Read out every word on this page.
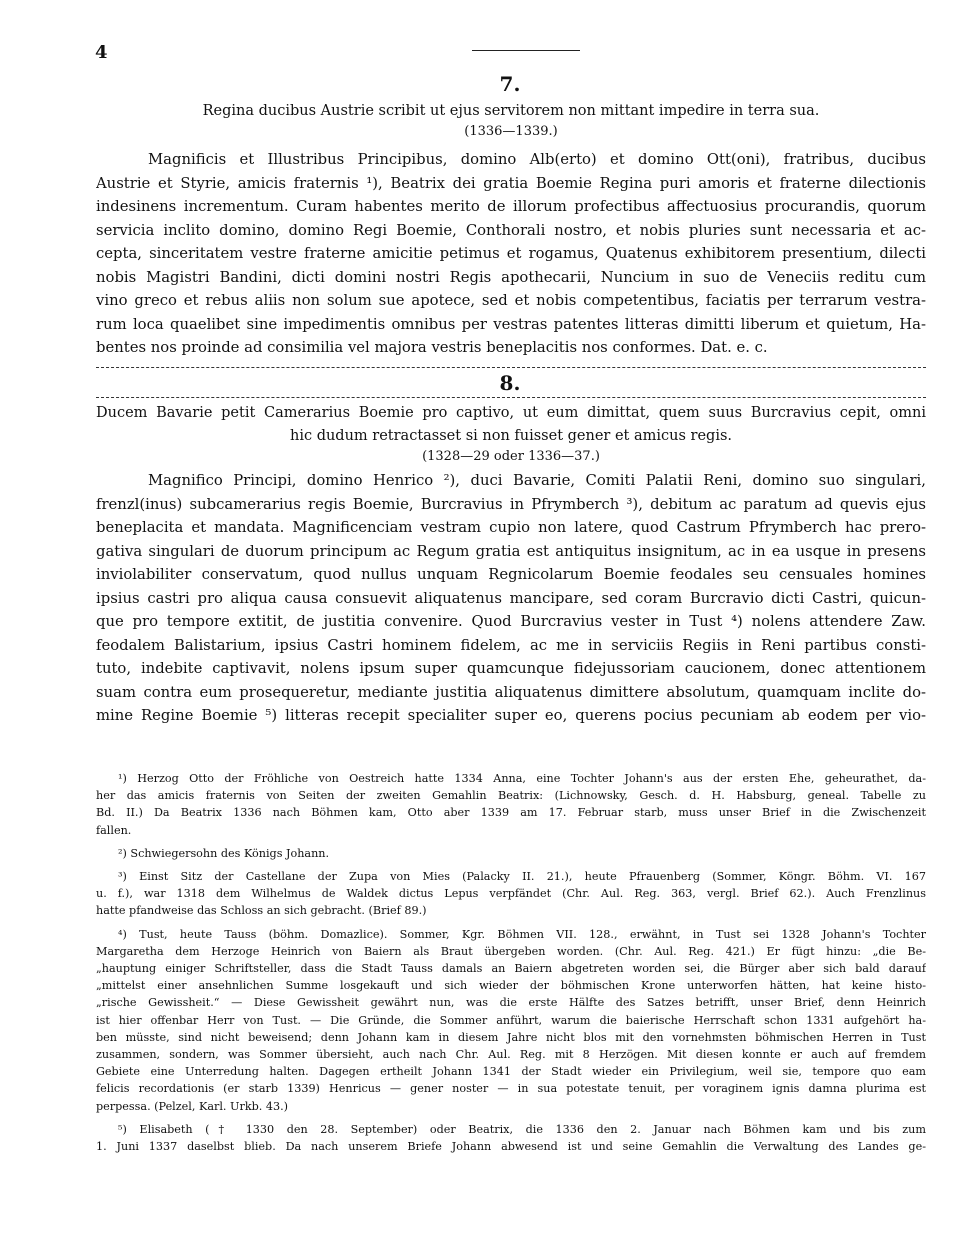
4
7.
Regina ducibus Austrie scribit ut ejus servitorem non mittant impedire in terra sua.
(1336—1339.)
Magnificis et Illustribus Principibus, domino Alb(erto) et domino Ott(oni), fratribus, ducibus
Austrie et Styrie, amicis fraternis ¹), Beatrix dei gratia Boemie Regina puri amoris et fraterne dilectionis
indesinens incrementum. Curam habentes merito de illorum profectibus affectuosius procurandis, quorum
servicia inclito domino, domino Regi Boemie, Conthorali nostro, et nobis pluries sunt necessaria et ac-
cepta, sinceritatem vestre fraterne amicitie petimus et rogamus, Quatenus exhibitorem presentium, dilecti
nobis Magistri Bandini, dicti domini nostri Regis apothecarii, Nuncium in suo de Veneciis reditu cum
vino greco et rebus aliis non solum sue apotece, sed et nobis competentibus, faciatis per terrarum vestra-
rum loca quaelibet sine impedimentis omnibus per vestras patentes litteras dimitti liberum et quietum, Ha-
bentes nos proinde ad consimilia vel majora vestris beneplacitis nos conformes. Dat. e. c.
8.
Ducem Bavarie petit Camerarius Boemie pro captivo, ut eum dimittat, quem suus Burcravius cepit, omni
hic dudum retractasset si non fuisset gener et amicus regis.
(1328—29 oder 1336—37.)
Magnifico Principi, domino Henrico ²), duci Bavarie, Comiti Palatii Reni, domino suo singulari,
frenzl(inus) subcamerarius regis Boemie, Burcravius in Pfrymberch ³), debitum ac paratum ad quevis ejus
beneplacita et mandata. Magnificenciam vestram cupio non latere, quod Castrum Pfrymberch hac prero-
gativa singulari de duorum principum ac Regum gratia est antiquitus insignitum, ac in ea usque in presens
inviolabiliter conservatum, quod nullus unquam Regnicolarum Boemie feodales seu censuales homines
ipsius castri pro aliqua causa consuevit aliquatenus mancipare, sed coram Burcravio dicti Castri, quicun-
que pro tempore extitit, de justitia convenire. Quod Burcravius vester in Tust ⁴) nolens attendere Zaw.
feodalem Balistarium, ipsius Castri hominem fidelem, ac me in serviciis Regiis in Reni partibus consti-
tuto, indebite captivavit, nolens ipsum super quamcunque fidejussoriam caucionem, donec attentionem
suam contra eum prosequeretur, mediante justitia aliquatenus dimittere absolutum, quamquam inclite do-
mine Regine Boemie ⁵) litteras recepit specialiter super eo, querens pocius pecuniam ab eodem per vio-
¹) Herzog Otto der Fröhliche von Oestreich hatte 1334 Anna, eine Tochter Johann's aus der ersten Ehe, geheurathet, da-
her das amicis fraternis von Seiten der zweiten Gemahlin Beatrix: (Lichnowsky, Gesch. d. H. Habsburg, geneal. Tabelle zu
Bd. II.) Da Beatrix 1336 nach Böhmen kam, Otto aber 1339 am 17. Februar starb, muss unser Brief in die Zwischenzeit
fallen.
²) Schwiegersohn des Königs Johann.
³) Einst Sitz der Castellane der Zupa von Mies (Palacky II. 21.), heute Pfrauenberg (Sommer, Köngr. Böhm. VI. 167
u. f.), war 1318 dem Wilhelmus de Waldek dictus Lepus verpfändet (Chr. Aul. Reg. 363, vergl. Brief 62.). Auch Frenzlinus
hatte pfandweise das Schloss an sich gebracht. (Brief 89.)
⁴) Tust, heute Tauss (böhm. Domazlice). Sommer, Kgr. Böhmen VII. 128., erwähnt, in Tust sei 1328 Johann's Tochter
Margaretha dem Herzoge Heinrich von Baiern als Braut übergeben worden. (Chr. Aul. Reg. 421.) Er fügt hinzu: „die Be-
„hauptung einiger Schriftsteller, dass die Stadt Tauss damals an Baiern abgetreten worden sei, die Bürger aber sich bald darauf
„mittelst einer ansehnlichen Summe losgekauft und sich wieder der böhmischen Krone unterworfen hätten, hat keine histo-
„rische Gewissheit.“ — Diese Gewissheit gewährt nun, was die erste Hälfte des Satzes betrifft, unser Brief, denn Heinrich
ist hier offenbar Herr von Tust. — Die Gründe, die Sommer anführt, warum die baierische Herrschaft schon 1331 aufgehört ha-
ben müsste, sind nicht beweisend; denn Johann kam in diesem Jahre nicht blos mit den vornehmsten böhmischen Herren in Tust
zusammen, sondern, was Sommer übersieht, auch nach Chr. Aul. Reg. mit 8 Herzögen. Mit diesen konnte er auch auf fremdem
Gebiete eine Unterredung halten. Dagegen ertheilt Johann 1341 der Stadt wieder ein Privilegium, weil sie, tempore quo eam
felicis recordationis (er starb 1339) Henricus — gener noster — in sua potestate tenuit, per voraginem ignis damna plurima est
perpessa. (Pelzel, Karl. Urkb. 43.)
⁵) Elisabeth († 1330 den 28. September) oder Beatrix, die 1336 den 2. Januar nach Böhmen kam und bis zum
1. Juni 1337 daselbst blieb. Da nach unserem Briefe Johann abwesend ist und seine Gemahlin die Verwaltung des Landes ge-
